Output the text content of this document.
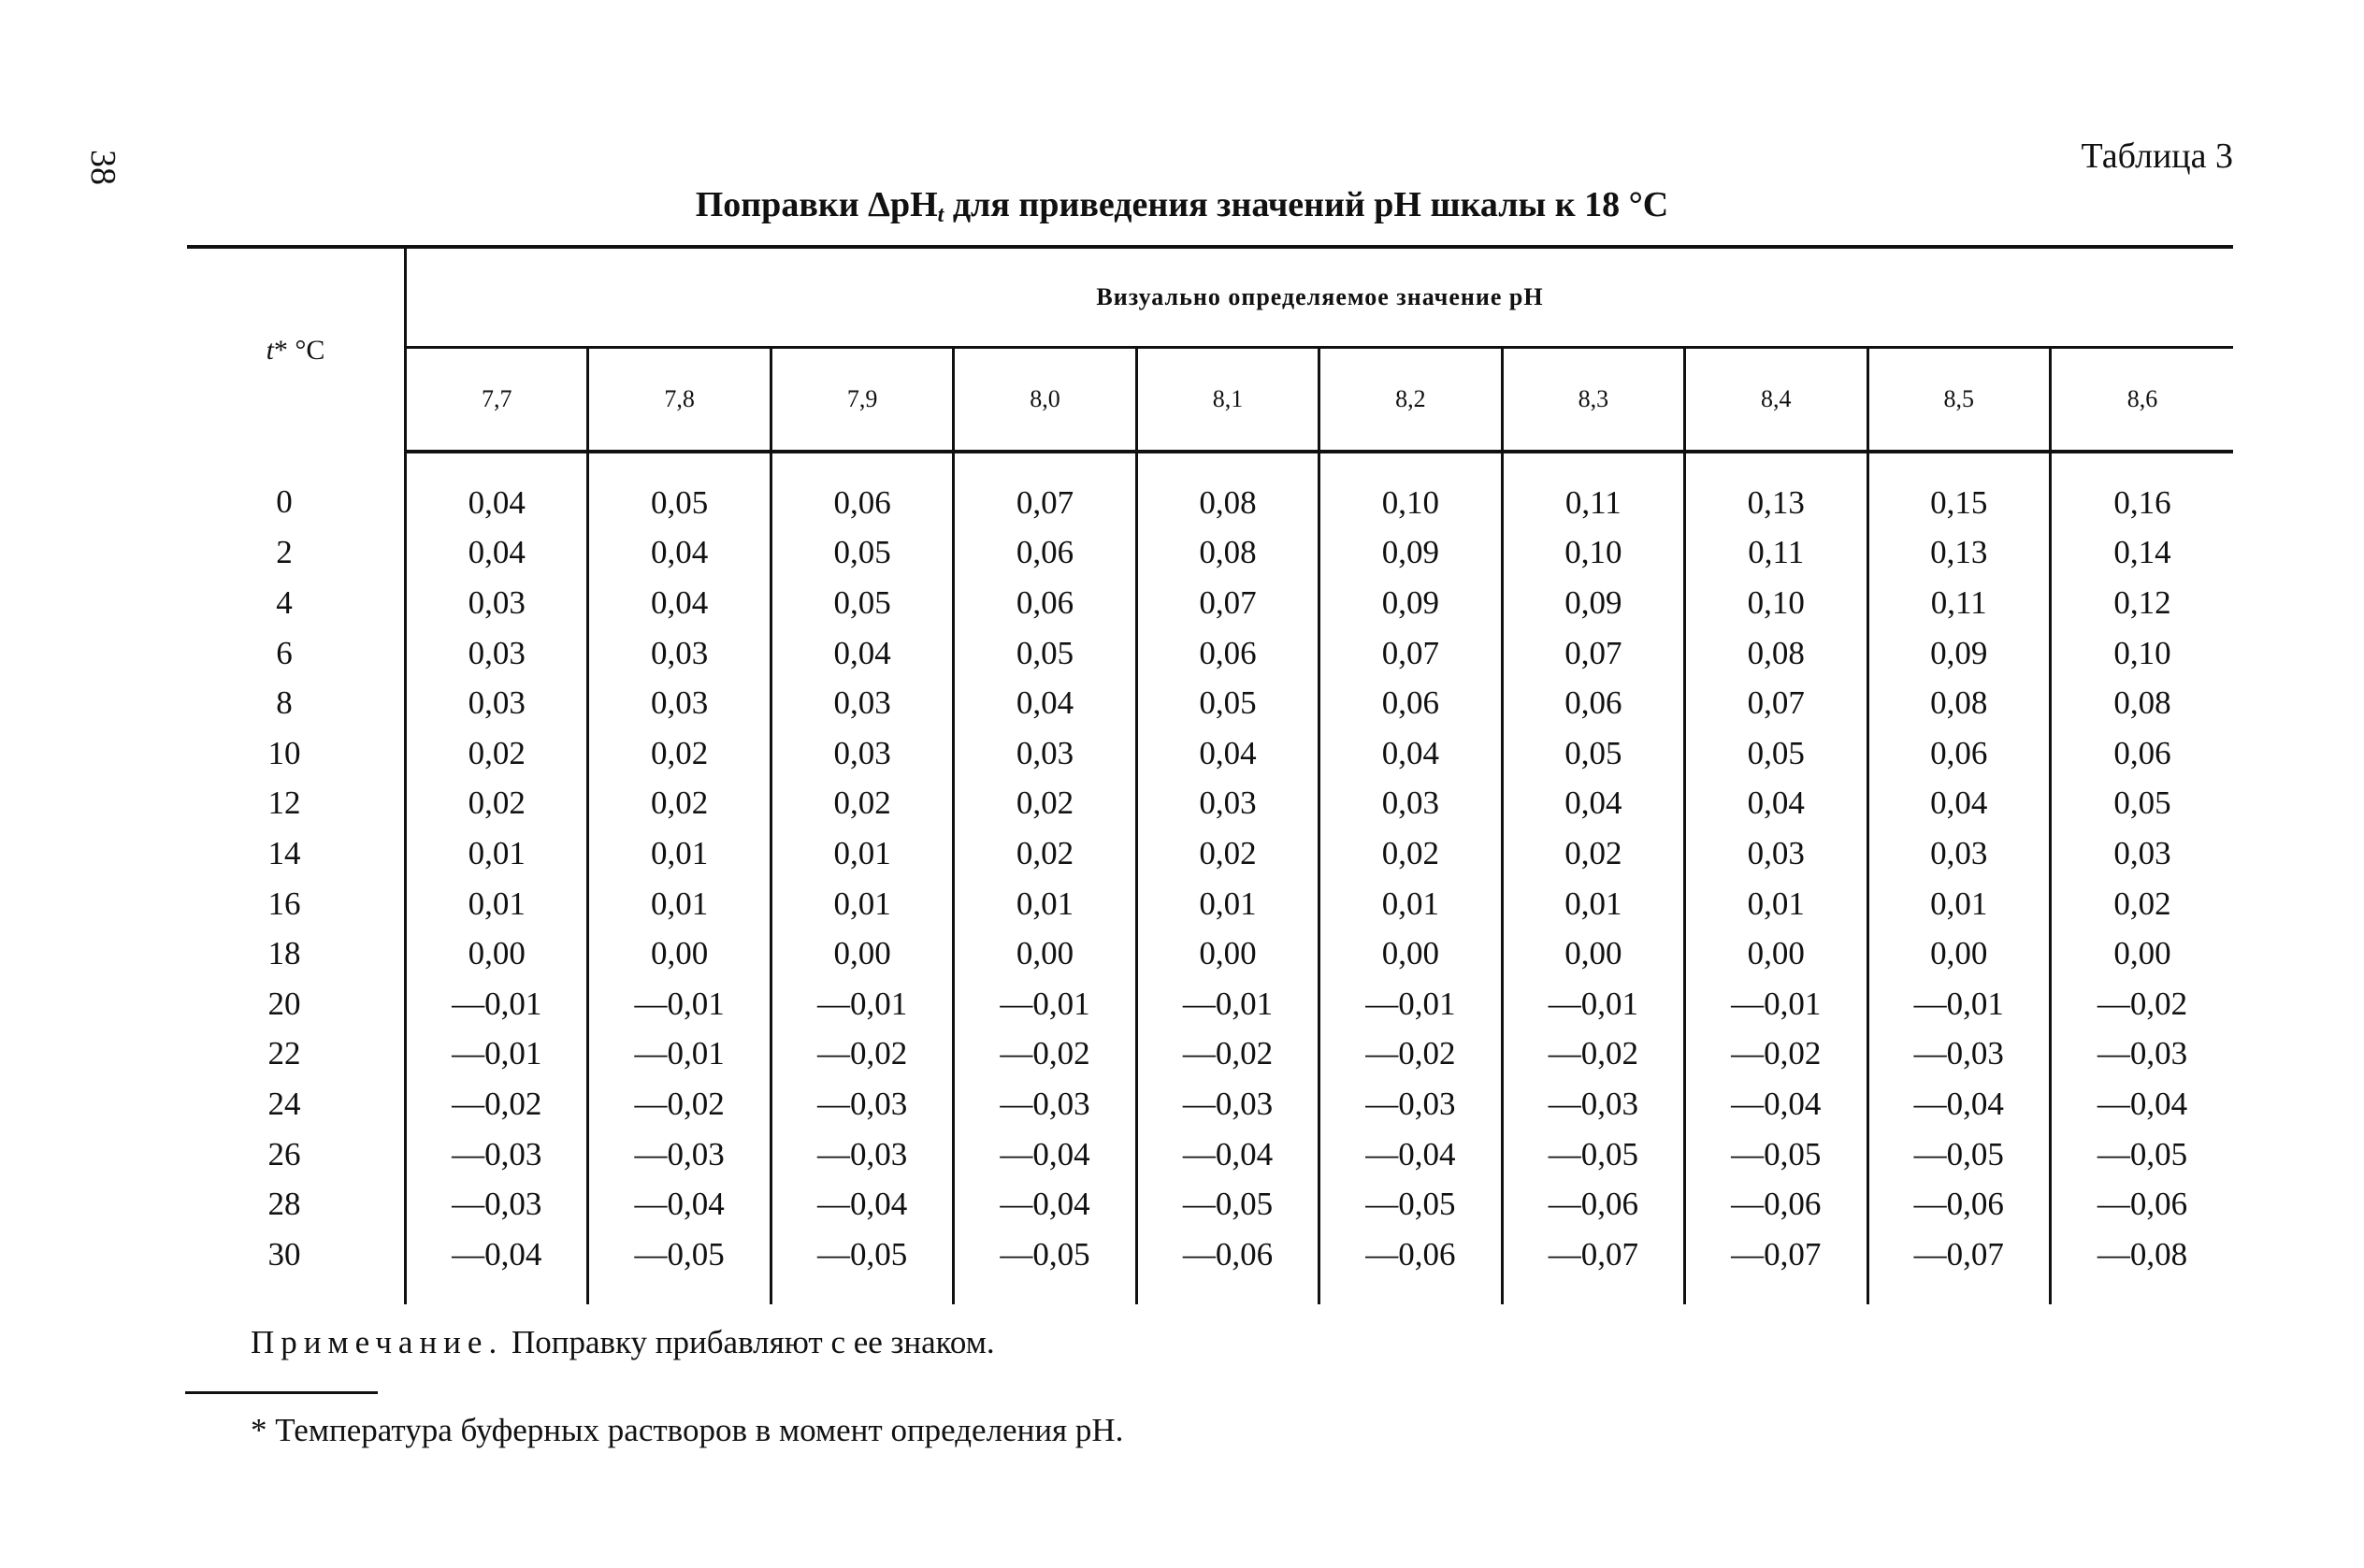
38	Таблица 3
Поправки ΔpH$_t$ для приведения значений pH шкалы к 18 °C
t* °C	Визуально определяемое значение pH									
	7,7	7,8	7,9	8,0	8,1	8,2	8,3	8,4	8,5	8,6
0	0,04	0,05	0,06	0,07	0,08	0,10	0,11	0,13	0,15	0,16
2	0,04	0,04	0,05	0,06	0,08	0,09	0,10	0,11	0,13	0,14
4	0,03	0,04	0,05	0,06	0,07	0,09	0,09	0,10	0,11	0,12
6	0,03	0,03	0,04	0,05	0,06	0,07	0,07	0,08	0,09	0,10
8	0,03	0,03	0,03	0,04	0,05	0,06	0,06	0,07	0,08	0,08
10	0,02	0,02	0,03	0,03	0,04	0,04	0,05	0,05	0,06	0,06
12	0,02	0,02	0,02	0,02	0,03	0,03	0,04	0,04	0,04	0,05
14	0,01	0,01	0,01	0,02	0,02	0,02	0,02	0,03	0,03	0,03
16	0,01	0,01	0,01	0,01	0,01	0,01	0,01	0,01	0,01	0,02
18	0,00	0,00	0,00	0,00	0,00	0,00	0,00	0,00	0,00	0,00
20	—0,01	—0,01	—0,01	—0,01	—0,01	—0,01	—0,01	—0,01	—0,01	—0,02
22	—0,01	—0,01	—0,02	—0,02	—0,02	—0,02	—0,02	—0,02	—0,03	—0,03
24	—0,02	—0,02	—0,03	—0,03	—0,03	—0,03	—0,03	—0,04	—0,04	—0,04
26	—0,03	—0,03	—0,03	—0,04	—0,04	—0,04	—0,05	—0,05	—0,05	—0,05
28	—0,03	—0,04	—0,04	—0,04	—0,05	—0,05	—0,06	—0,06	—0,06	—0,06
30	—0,04	—0,05	—0,05	—0,05	—0,06	—0,06	—0,07	—0,07	—0,07	—0,08
Примечание. Поправку прибавляют с ее знаком.
* Температура буферных растворов в момент определения pH.
